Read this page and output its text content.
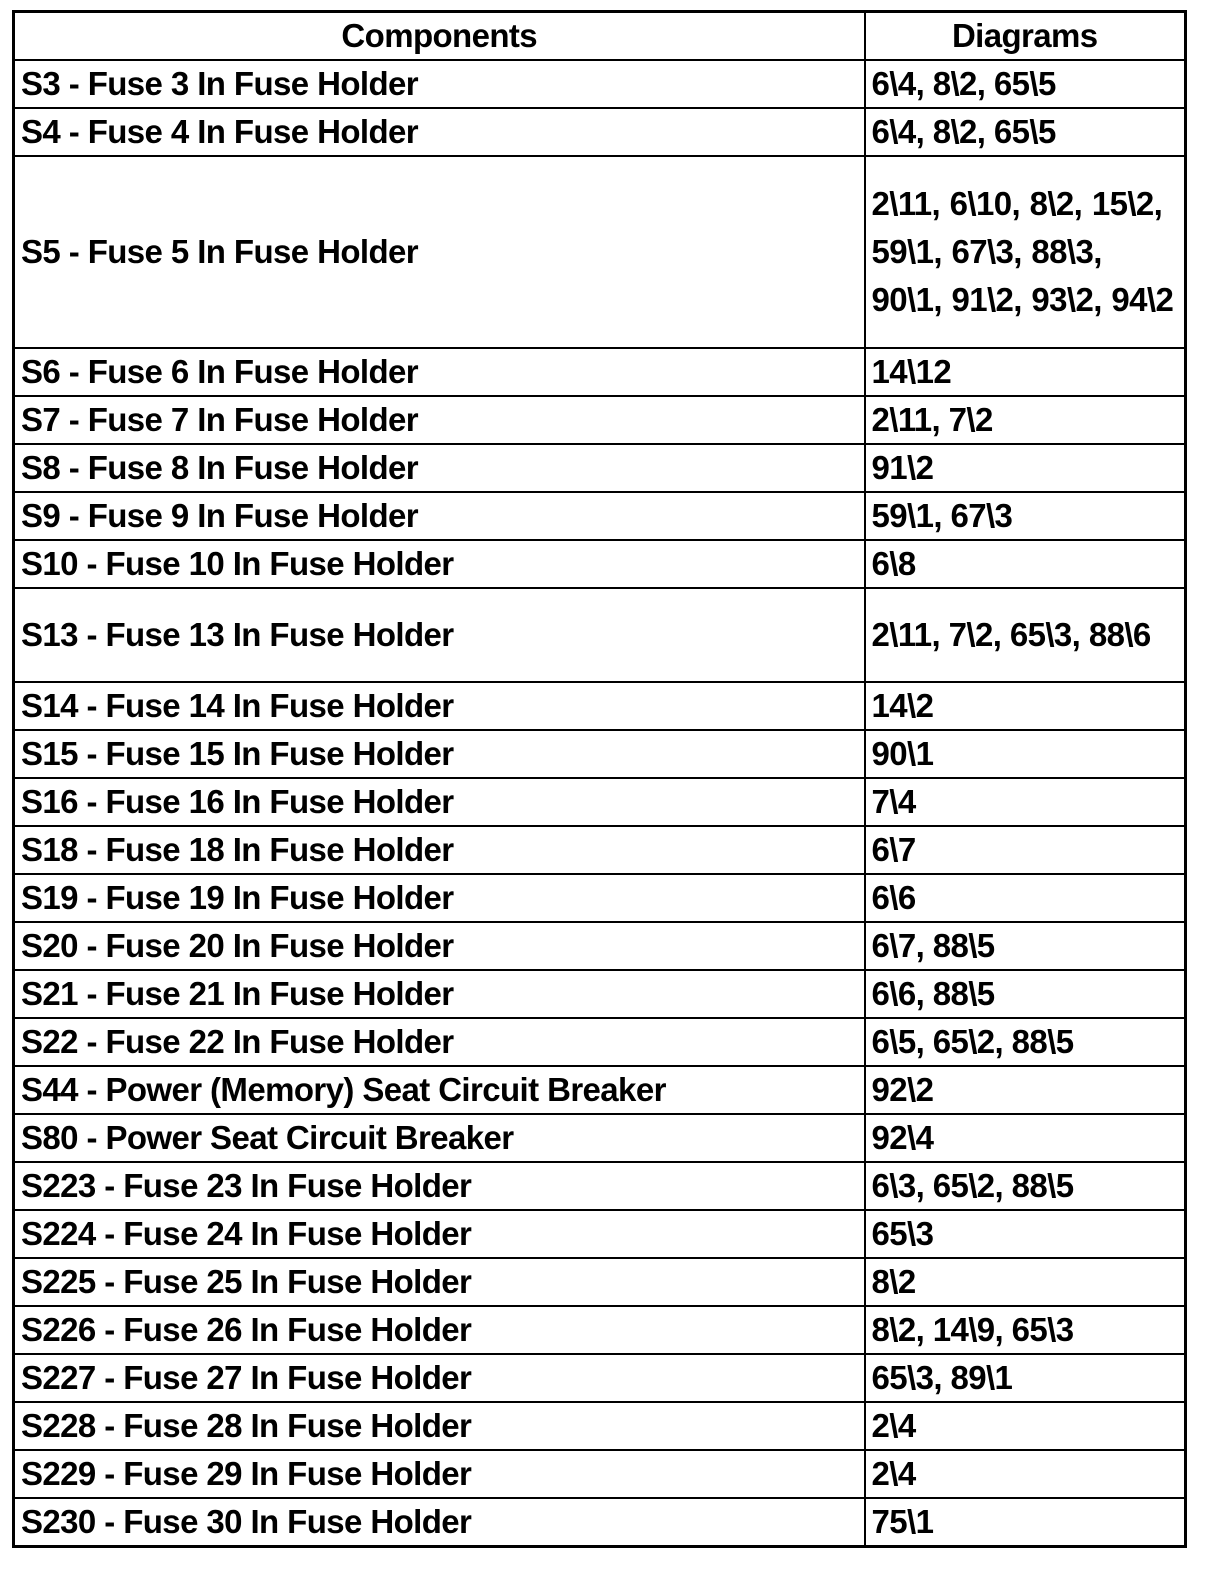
Components	Diagrams
S3 - Fuse 3 In Fuse Holder	6\4, 8\2, 65\5
S4 - Fuse 4 In Fuse Holder	6\4, 8\2, 65\5
S5 - Fuse 5 In Fuse Holder	2\11, 6\10, 8\2, 15\2, 59\1, 67\3, 88\3, 90\1, 91\2, 93\2, 94\2
S6 - Fuse 6 In Fuse Holder	14\12
S7 - Fuse 7 In Fuse Holder	2\11, 7\2
S8 - Fuse 8 In Fuse Holder	91\2
S9 - Fuse 9 In Fuse Holder	59\1, 67\3
S10 - Fuse 10 In Fuse Holder	6\8
S13 - Fuse 13 In Fuse Holder	2\11, 7\2, 65\3, 88\6
S14 - Fuse 14 In Fuse Holder	14\2
S15 - Fuse 15 In Fuse Holder	90\1
S16 - Fuse 16 In Fuse Holder	7\4
S18 - Fuse 18 In Fuse Holder	6\7
S19 - Fuse 19 In Fuse Holder	6\6
S20 - Fuse 20 In Fuse Holder	6\7, 88\5
S21 - Fuse 21 In Fuse Holder	6\6, 88\5
S22 - Fuse 22 In Fuse Holder	6\5, 65\2, 88\5
S44 - Power (Memory) Seat Circuit Breaker	92\2
S80 - Power Seat Circuit Breaker	92\4
S223 - Fuse 23 In Fuse Holder	6\3, 65\2, 88\5
S224 - Fuse 24 In Fuse Holder	65\3
S225 - Fuse 25 In Fuse Holder	8\2
S226 - Fuse 26 In Fuse Holder	8\2, 14\9, 65\3
S227 - Fuse 27 In Fuse Holder	65\3, 89\1
S228 - Fuse 28 In Fuse Holder	2\4
S229 - Fuse 29 In Fuse Holder	2\4
S230 - Fuse 30 In Fuse Holder	75\1
